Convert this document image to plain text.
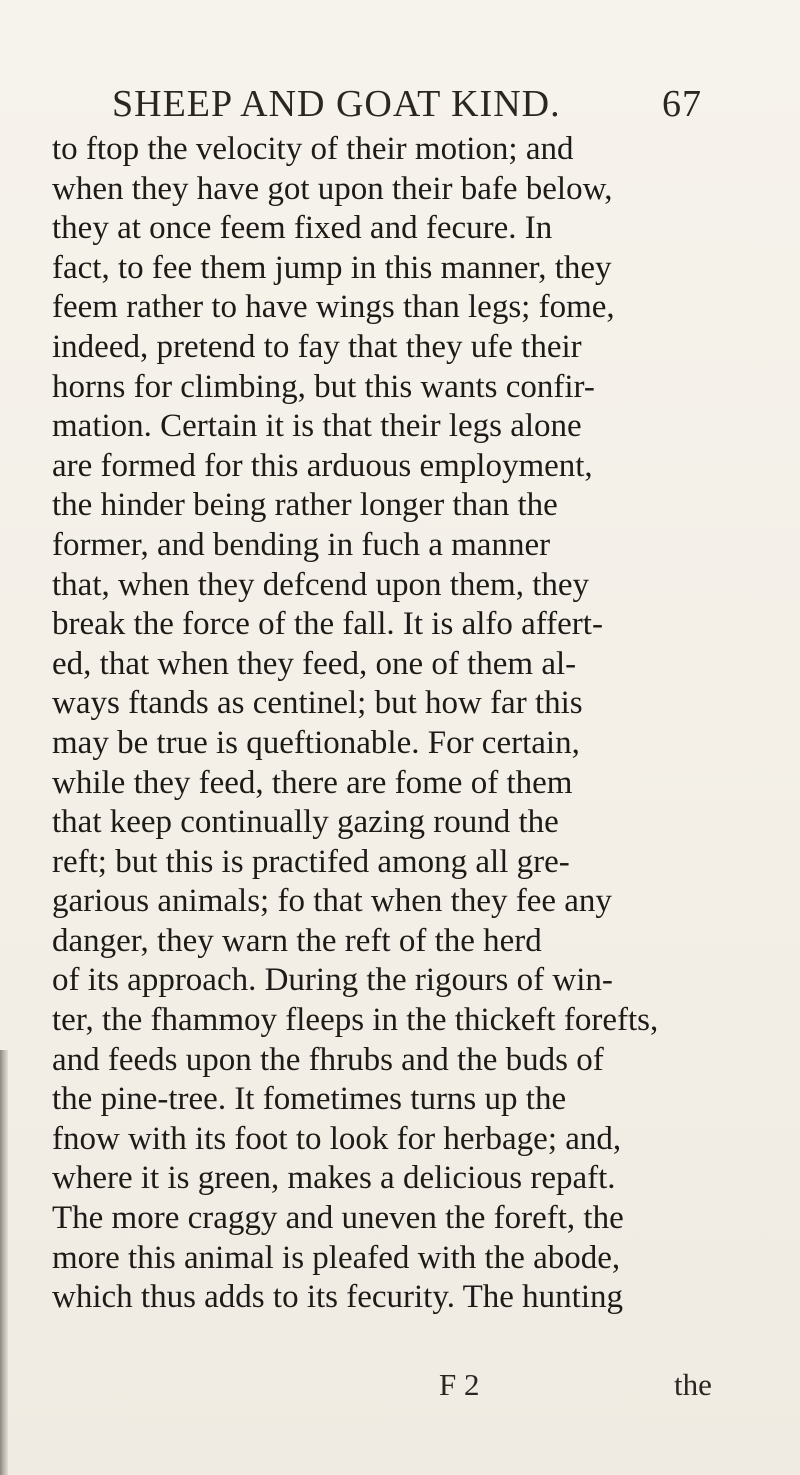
SHEEP AND GOAT KIND.	67
to ftop the velocity of their motion; and
when they have got upon their bafe below,
they at once feem fixed and fecure. In
fact, to fee them jump in this manner, they
feem rather to have wings than legs; fome,
indeed, pretend to fay that they ufe their
horns for climbing, but this wants confir-
mation. Certain it is that their legs alone
are formed for this arduous employment,
the hinder being rather longer than the
former, and bending in fuch a manner
that, when they defcend upon them, they
break the force of the fall. It is alfo affert-
ed, that when they feed, one of them al-
ways ftands as centinel; but how far this
may be true is queftionable. For certain,
while they feed, there are fome of them
that keep continually gazing round the
reft; but this is practifed among all gre-
garious animals; fo that when they fee any
danger, they warn the reft of the herd
of its approach. During the rigours of win-
ter, the fhammoy fleeps in the thickeft forefts,
and feeds upon the fhrubs and the buds of
the pine-tree. It fometimes turns up the
fnow with its foot to look for herbage; and,
where it is green, makes a delicious repaft.
The more craggy and uneven the foreft, the
more this animal is pleafed with the abode,
which thus adds to its fecurity. The hunting
F 2	the
